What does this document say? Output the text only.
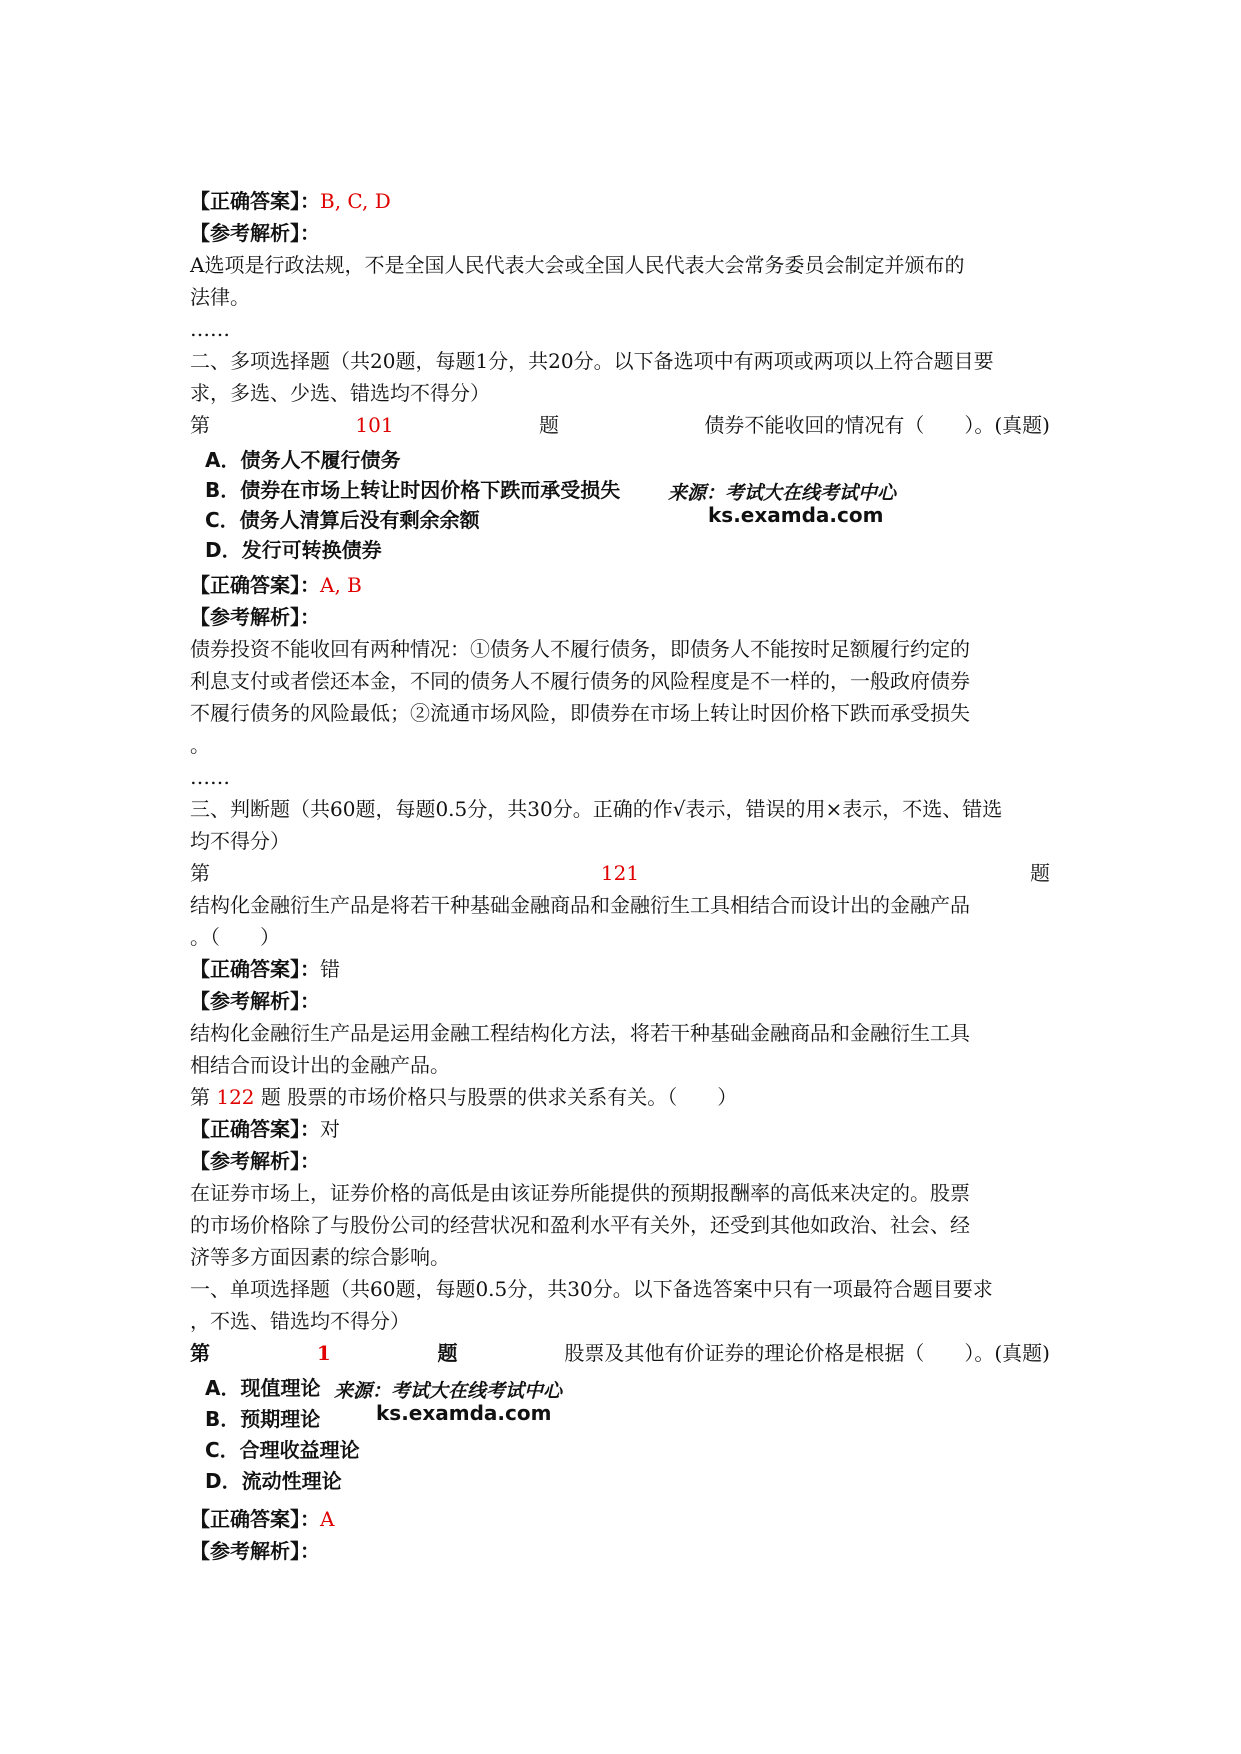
【正确答案】：B, C, D
【参考解析】：
A选项是行政法规，不是全国人民代表大会或全国人民代表大会常务委员会制定并颁布的
法律。
……
二、多项选择题（共20题，每题1分，共20分。以下备选项中有两项或两项以上符合题目要
求，多选、少选、错选均不得分）
第	101	题	债券不能收回的情况有（　　）。(真题)
A．债务人不履行债务
B．债券在市场上转让时因价格下跌而承受损失
C．债务人清算后没有剩余余额
D．发行可转换债券
来源：考试大在线考试中心
ks.examda.com
【正确答案】：A, B
【参考解析】：
债券投资不能收回有两种情况：①债务人不履行债务，即债务人不能按时足额履行约定的
利息支付或者偿还本金，不同的债务人不履行债务的风险程度是不一样的，一般政府债券
不履行债务的风险最低；②流通市场风险，即债券在市场上转让时因价格下跌而承受损失
。
……
三、判断题（共60题，每题0.5分，共30分。正确的作√表示，错误的用×表示，不选、错选
均不得分）
第	121	题
结构化金融衍生产品是将若干种基础金融商品和金融衍生工具相结合而设计出的金融产品
。（　　）
【正确答案】：错
【参考解析】：
结构化金融衍生产品是运用金融工程结构化方法，将若干种基础金融商品和金融衍生工具
相结合而设计出的金融产品。
第 122 题 股票的市场价格只与股票的供求关系有关。（　　）
【正确答案】：对
【参考解析】：
在证券市场上，证券价格的高低是由该证券所能提供的预期报酬率的高低来决定的。股票
的市场价格除了与股份公司的经营状况和盈利水平有关外，还受到其他如政治、社会、经
济等多方面因素的综合影响。
一、单项选择题（共60题，每题0.5分，共30分。以下备选答案中只有一项最符合题目要求
，不选、错选均不得分）
第	1	题	股票及其他有价证券的理论价格是根据（　　）。(真题)
A．现值理论
B．预期理论
C．合理收益理论
D．流动性理论
来源：考试大在线考试中心
ks.examda.com
【正确答案】：A
【参考解析】：
